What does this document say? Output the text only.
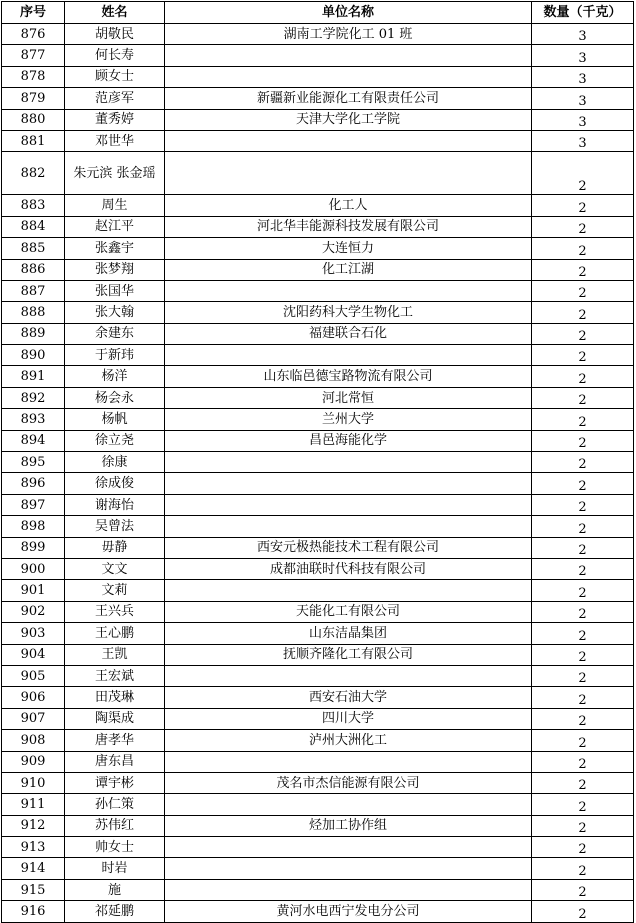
序号	姓名	单位名称	数量（千克）
876	胡敬民	湖南工学院化工 01 班	3
877	何长寿		3
878	顾女士		3
879	范彦军	新疆新业能源化工有限责任公司	3
880	董秀婷	天津大学化工学院	3
881	邓世华		3
882	朱元滨 张金瑶		2
883	周生	化工人	2
884	赵江平	河北华丰能源科技发展有限公司	2
885	张鑫宇	大连恒力	2
886	张梦翔	化工江湖	2
887	张国华		2
888	张大翰	沈阳药科大学生物化工	2
889	余建东	福建联合石化	2
890	于新玮		2
891	杨洋	山东临邑德宝路物流有限公司	2
892	杨会永	河北常恒	2
893	杨帆	兰州大学	2
894	徐立尧	昌邑海能化学	2
895	徐康		2
896	徐成俊		2
897	谢海怡		2
898	吴曾法		2
899	毋静	西安元极热能技术工程有限公司	2
900	文文	成都油联时代科技有限公司	2
901	文莉		2
902	王兴兵	天能化工有限公司	2
903	王心鹏	山东洁晶集团	2
904	王凯	抚顺齐隆化工有限公司	2
905	王宏斌		2
906	田茂琳	西安石油大学	2
907	陶渠成	四川大学	2
908	唐孝华	泸州大洲化工	2
909	唐东昌		2
910	谭宇彬	茂名市杰信能源有限公司	2
911	孙仁策		2
912	苏伟红	烃加工协作组	2
913	帅女士		2
914	时岩		2
915	施		2
916	祁延鹏	黄河水电西宁发电分公司	2
